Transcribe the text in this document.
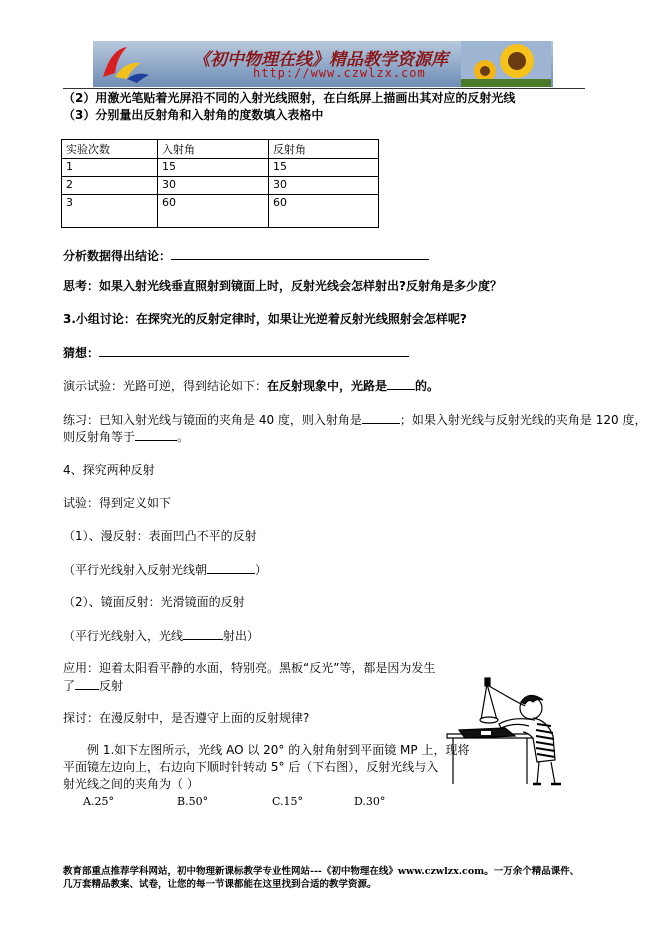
《初中物理在线》精品教学资源库
http://www.czwlzx.com
（2）用激光笔贴着光屏沿不同的入射光线照射，在白纸屏上描画出其对应的反射光线
（3）分别量出反射角和入射角的度数填入表格中
实验次数	入射角	反射角
1	15	15
2	30	30
3	60	60
分析数据得出结论：
思考：如果入射光线垂直照射到镜面上时，反射光线会怎样射出?反射角是多少度？
3.小组讨论：在探究光的反射定律时，如果让光逆着反射光线照射会怎样呢?
猜想：
演示试验：光路可逆，得到结论如下：在反射现象中，光路是 的。
练习：已知入射光线与镜面的夹角是 40 度，则入射角是	；如果入射光线与反射光线的夹角是 120 度，
则反射角等于	。
4、探究两种反射
试验：得到定义如下
（1）、漫反射：表面凹凸不平的反射
（平行光线射入反射光线朝	）
（2）、镜面反射：光滑镜面的反射
（平行光线射入，光线	射出）
应用：迎着太阳看平静的水面，特别亮。黑板“反光”等，都是因为发生
了 反射
探讨：在漫反射中，是否遵守上面的反射规律?
例 1.如下左图所示，光线 AO 以 20° 的入射角射到平面镜 MP 上，现将
平面镜左边向上，右边向下顺时针转动 5° 后（下右图），反射光线与入
射光线之间的夹角为（ ）
A.25°	B.50°	C.15°	D.30°
教育部重点推荐学科网站，初中物理新课标教学专业性网站---《初中物理在线》www.czwlzx.com。一万余个精品课件、
几万套精品教案、试卷，让您的每一节课都能在这里找到合适的教学资源。
